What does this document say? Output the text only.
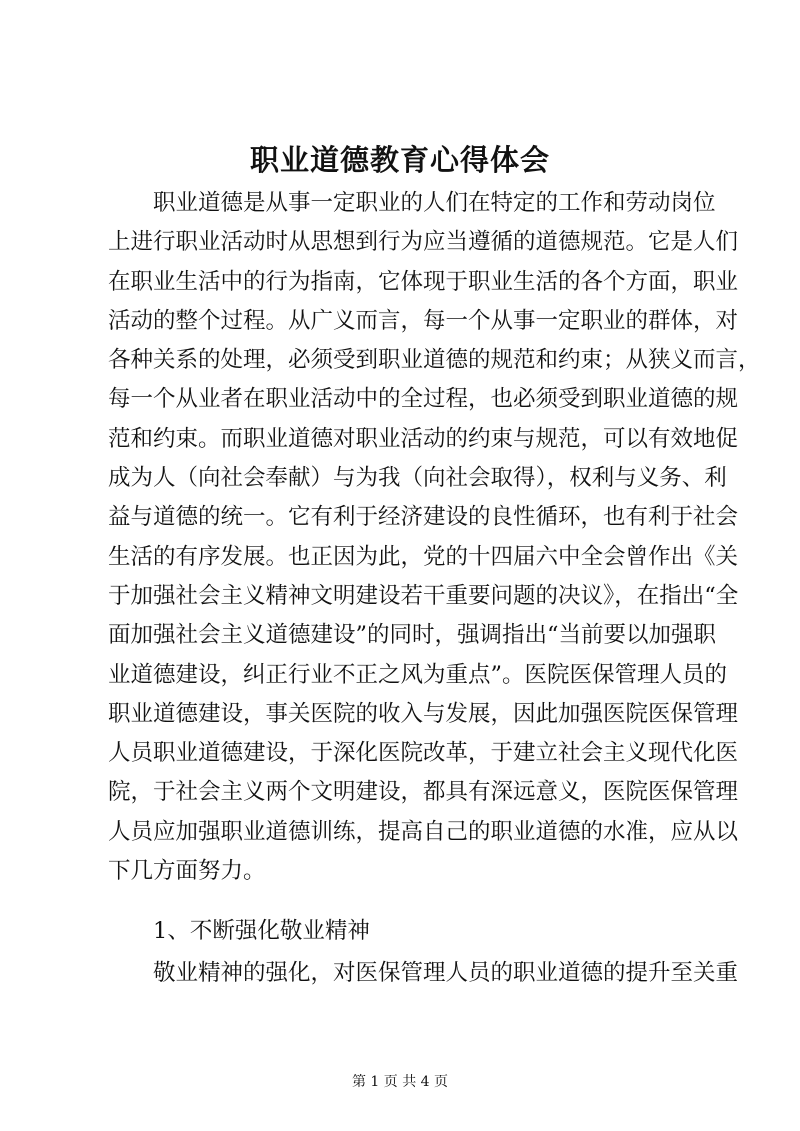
职业道德教育心得体会
职业道德是从事一定职业的人们在特定的工作和劳动岗位
上进行职业活动时从思想到行为应当遵循的道德规范。它是人们
在职业生活中的行为指南，它体现于职业生活的各个方面，职业
活动的整个过程。从广义而言，每一个从事一定职业的群体，对
各种关系的处理，必须受到职业道德的规范和约束；从狭义而言，
每一个从业者在职业活动中的全过程，也必须受到职业道德的规
范和约束。而职业道德对职业活动的约束与规范，可以有效地促
成为人（向社会奉献）与为我（向社会取得），权利与义务、利
益与道德的统一。它有利于经济建设的良性循环，也有利于社会
生活的有序发展。也正因为此，党的十四届六中全会曾作出《关
于加强社会主义精神文明建设若干重要问题的决议》，在指出“全
面加强社会主义道德建设”的同时，强调指出“当前要以加强职
业道德建设，纠正行业不正之风为重点”。医院医保管理人员的
职业道德建设，事关医院的收入与发展，因此加强医院医保管理
人员职业道德建设，于深化医院改革，于建立社会主义现代化医
院，于社会主义两个文明建设，都具有深远意义，医院医保管理
人员应加强职业道德训练，提高自己的职业道德的水准，应从以
下几方面努力。
1、不断强化敬业精神
敬业精神的强化，对医保管理人员的职业道德的提升至关重
第 1 页 共 4 页
